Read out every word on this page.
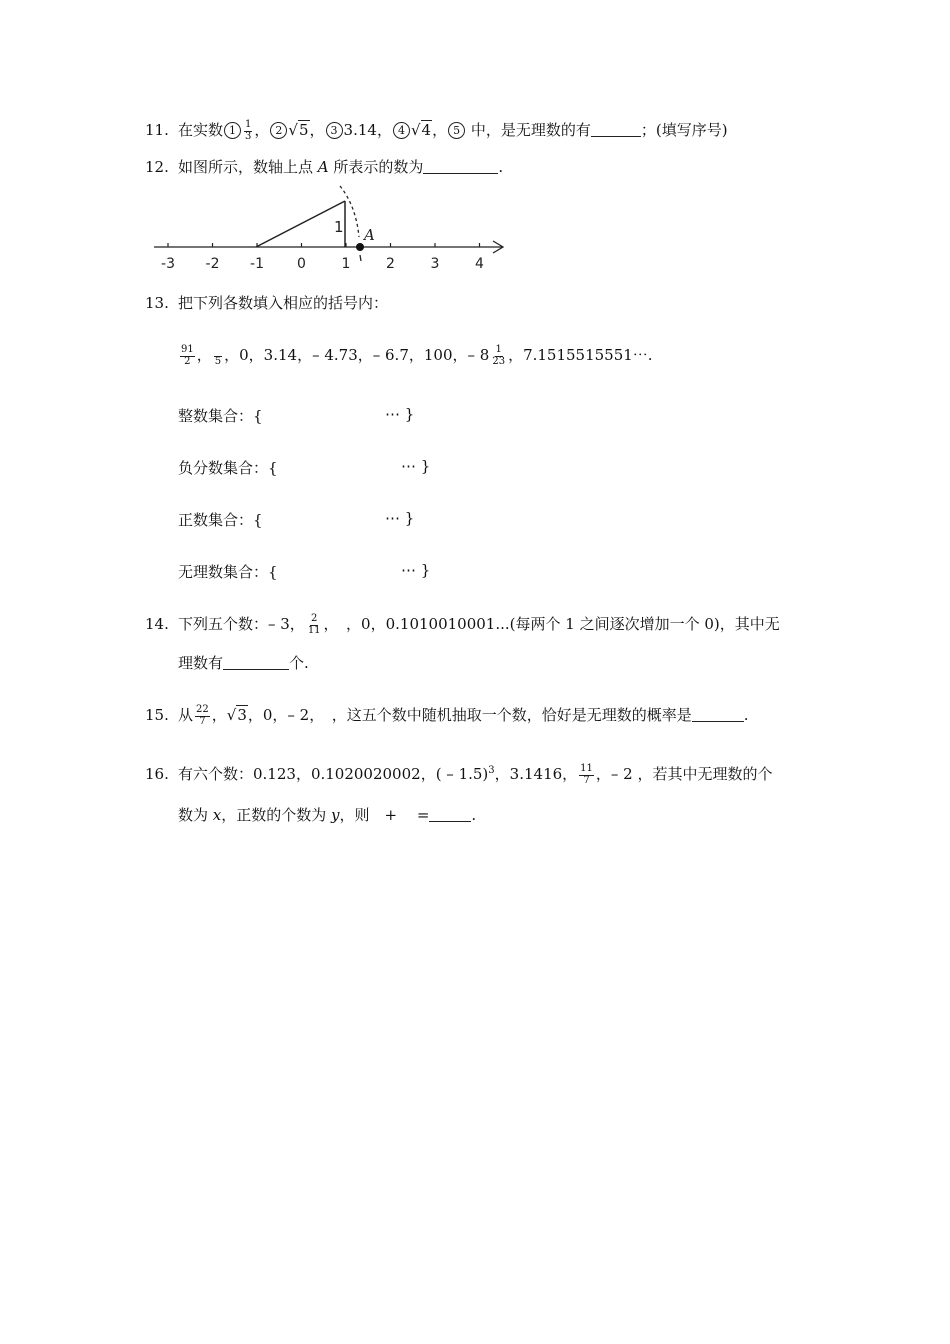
11. 在实数 $1 \frac{1}{3}$ ， 2 √5， 3 3.14， 4 √4， 5 中，是无理数的有	；(填写序号)
12. 如图所示，数轴上点 A 所表示的数为	.
-3 -2 -1 0	1	2	3	4
1 A
13. 把下列各数填入相应的括号内：
$\frac{91}{2}$ ，
5 ，0，3.14，– 4.73，– 6.7，100，– $8 \frac{1}{23}$ ，7.1515515551⋯.
整数集合：{	⋯ }
负分数集合：{	⋯ }
正数集合：{	⋯ }
无理数集合：{	⋯ }
14. 下列五个数：– 3， $\frac{2}{11}$ ，　，0，0.1010010001...(每两个 1 之间逐次增加一个 0)，其中无
理数有	个.
15. 从 $\frac{22}{7}$ ，√3，0，– 2，　，这五个数中随机抽取一个数，恰好是无理数的概率是	.
16. 有六个数：0.123，0.1020020002，( – 1.5)$^3$，3.1416， $\frac{11}{7}$ ，– 2 ，若其中无理数的个
数为 x，正数的个数为 y，则　+　 =	.
